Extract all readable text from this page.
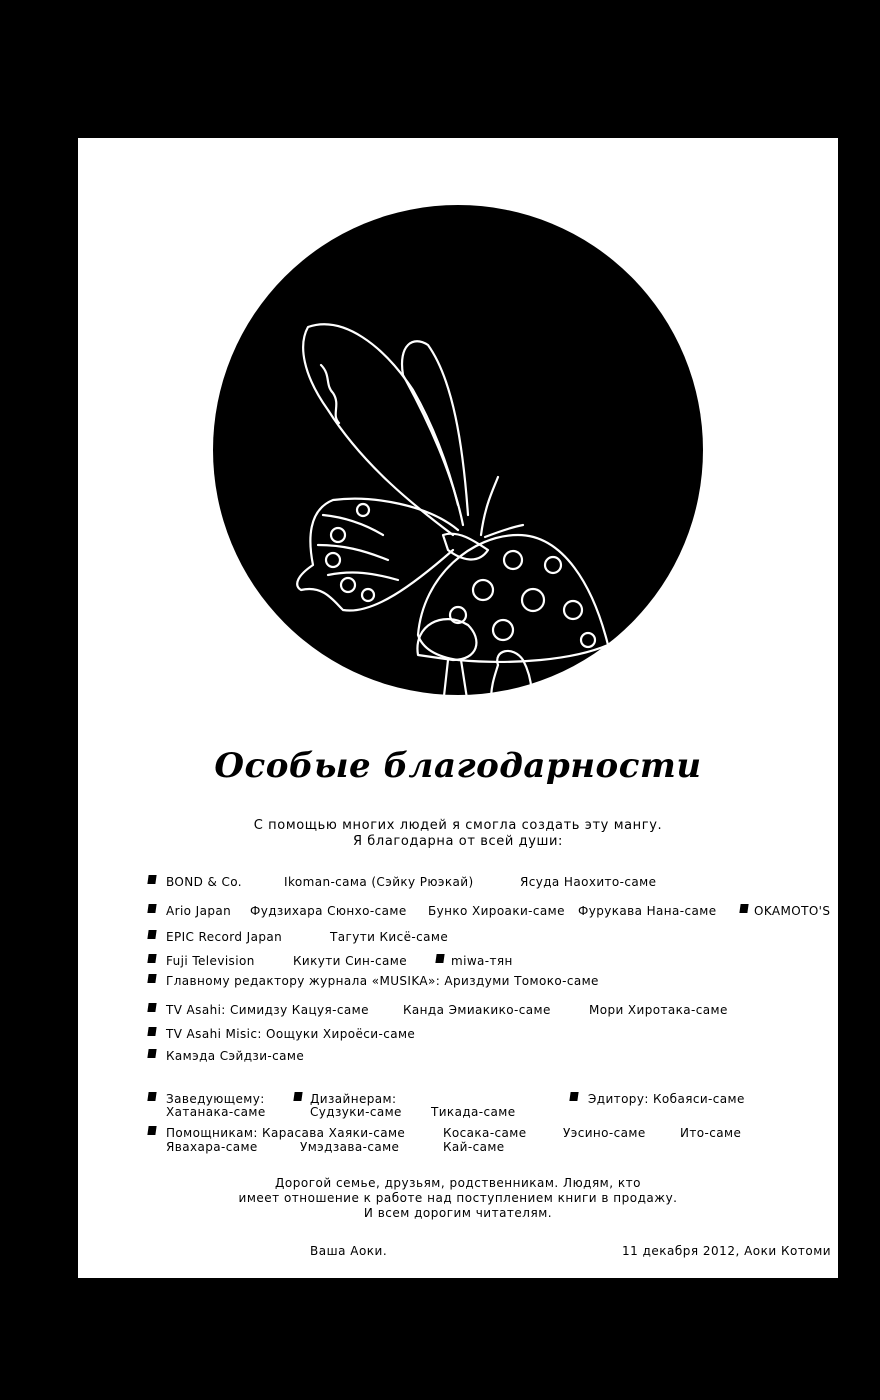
Особые благодарности
С помощью многих людей я смогла создать эту мангу.
Я благодарна от всей души:
BOND & Co.	Ikoman-сама (Сэйку Рюэкай)	Ясуда Наохито-саме
Ario Japan Фудзихара Сюнхо-саме Бунко Хироаки-саме Фурукава Нана-саме	OKAMOTO'S
EPIC Record Japan	Тагути Кисё-саме
Fuji Television	Кикути Син-саме	miwa-тян
Главному редактору журнала «MUSIKA»: Ариздуми Томоко-саме
TV Asahi: Симидзу Кацуя-саме	Канда Эмиакико-саме	Мори Хиротака-саме
TV Asahi Misic: Оощуки Хироёси-саме
Камэда Сэйдзи-саме
Заведующему:	Дизайнерам:	Эдитору: Кобаяси-саме
Хатанака-саме	Судзуки-саме Тикада-саме
Помощникам: Карасава Хаяки-саме	Косака-саме	Уэсино-саме	Ито-саме
Явахара-саме	Умэдзава-саме	Кай-саме
Дорогой семье, друзьям, родственникам. Людям, кто
имеет отношение к работе над поступлением книги в продажу.
И всем дорогим читателям.
Ваша Аоки.	11 декабря 2012, Аоки Котоми
